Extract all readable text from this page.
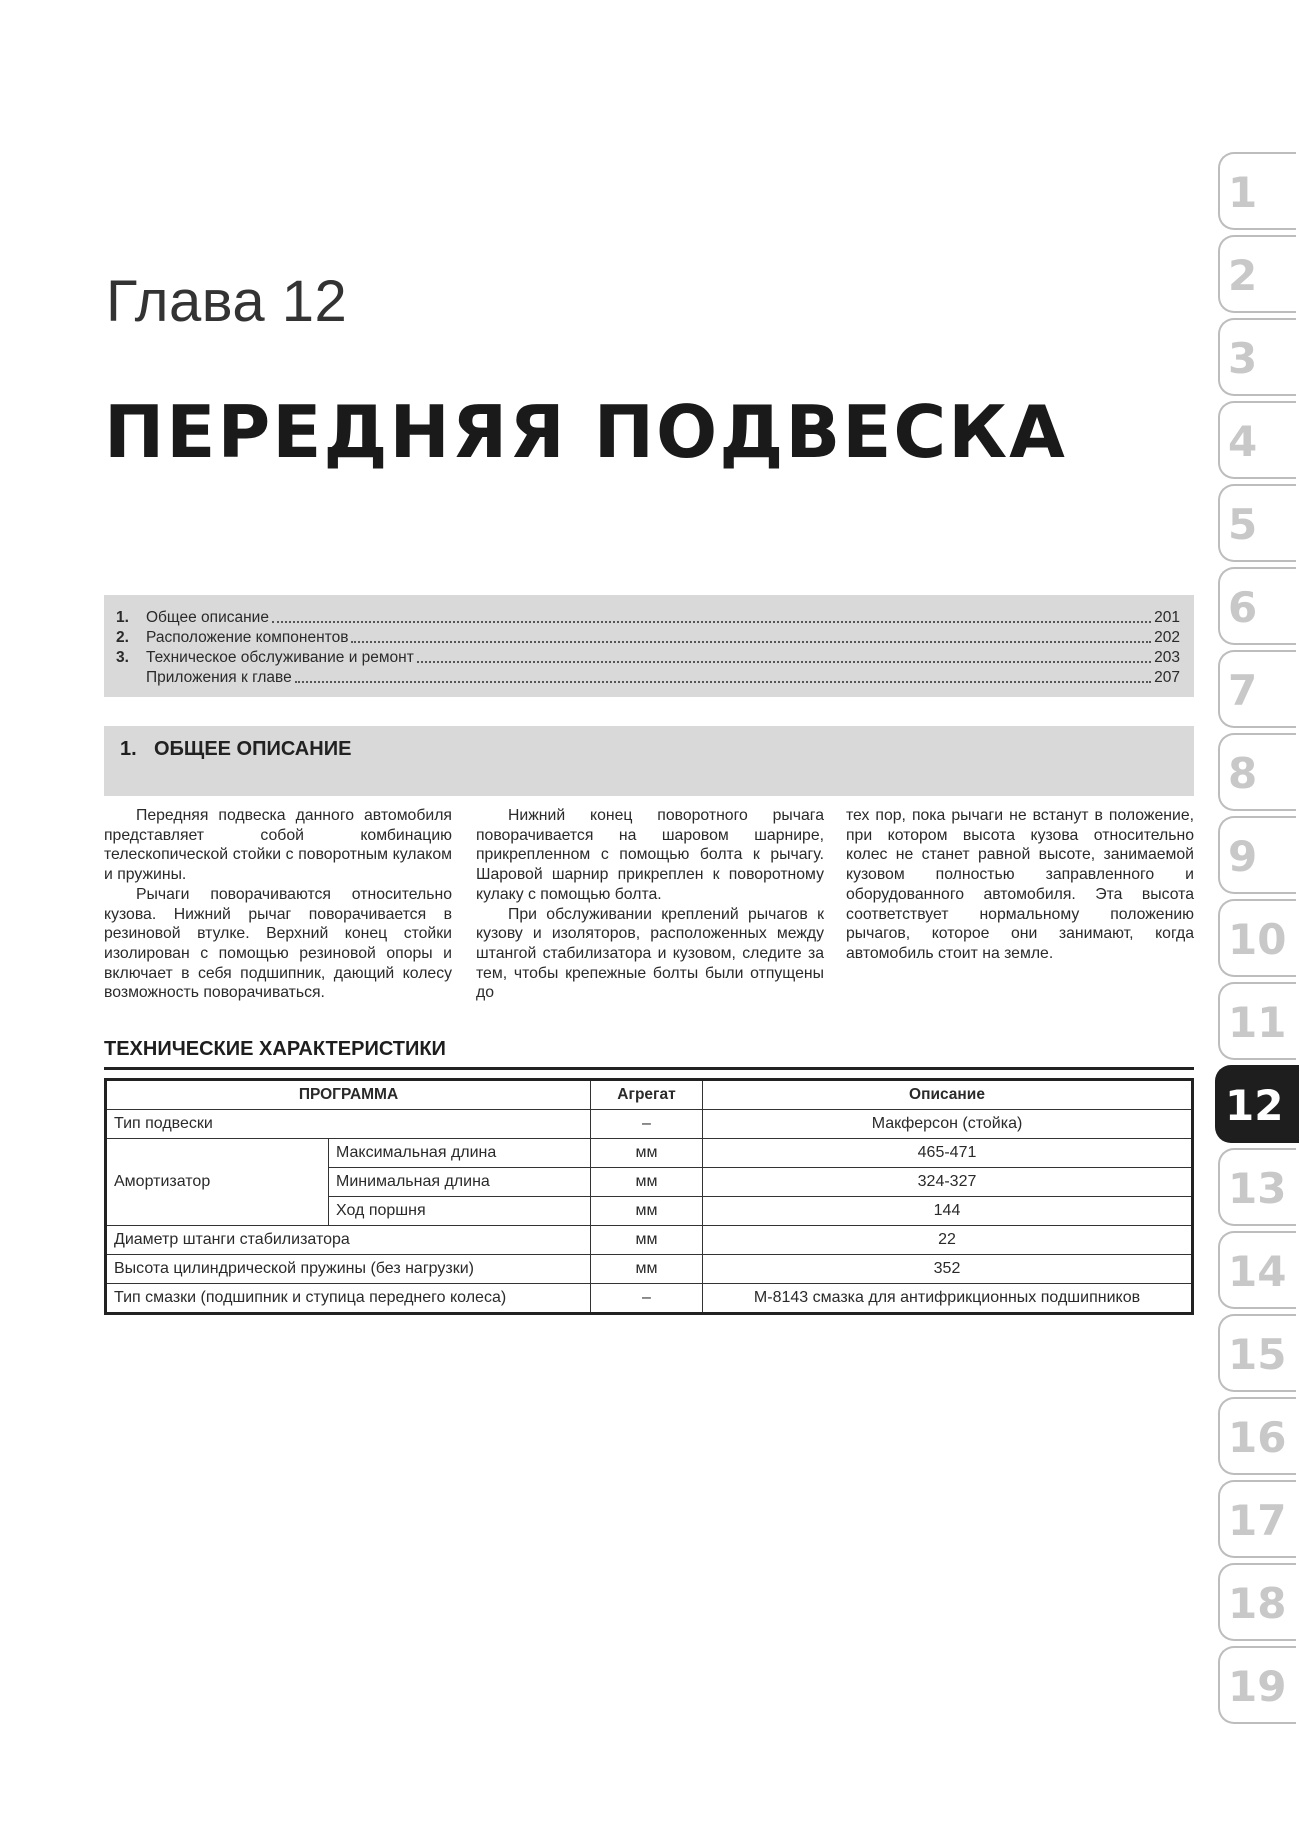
Глава 12
ПЕРЕДНЯЯ ПОДВЕСКА
1.	Общее описание	201
2.	Расположение компонентов	202
3.	Техническое обслуживание и ремонт	203
Приложения к главе	207
1. ОБЩЕЕ ОПИСАНИЕ

Передняя подвеска данного автомобиля представляет собой комбинацию телескопической стойки с поворотным кулаком и пружины.

Рычаги поворачиваются относительно кузова. Нижний рычаг поворачивается в резиновой втулке. Верхний конец стойки изолирован с помощью резиновой опоры и включает в себя подшипник, дающий колесу возможность поворачиваться.

Нижний конец поворотного рычага поворачивается на шаровом шарнире, прикрепленном с помощью болта к рычагу. Шаровой шарнир прикреплен к поворотному кулаку с помощью болта.

При обслуживании креплений рычагов к кузову и изоляторов, расположенных между штангой стабилизатора и кузовом, следите за тем, чтобы крепежные болты были отпущены до

тех пор, пока рычаги не встанут в положение, при котором высота кузова относительно колес не станет равной высоте, занимаемой кузовом полностью заправленного и оборудованного автомобиля. Эта высота соответствует нормальному положению рычагов, которое они занимают, когда автомобиль стоит на земле.

ТЕХНИЧЕСКИЕ ХАРАКТЕРИСТИКИ
ПРОГРАММА		Агрегат	Описание
Тип подвески		–	Макферсон (стойка)
Амортизатор	Максимальная длина	мм	465-471
	Минимальная длина	мм	324-327
	Ход поршня	мм	144
Диаметр штанги стабилизатора		мм	22
Высота цилиндрической пружины (без нагрузки)		мм	352
Тип смазки (подшипник и ступица переднего колеса)		–	М-8143 смазка для антифрикционных подшипников
1
2
3
4
5
6
7
8
9
10
11
12
13
14
15
16
17
18
19
